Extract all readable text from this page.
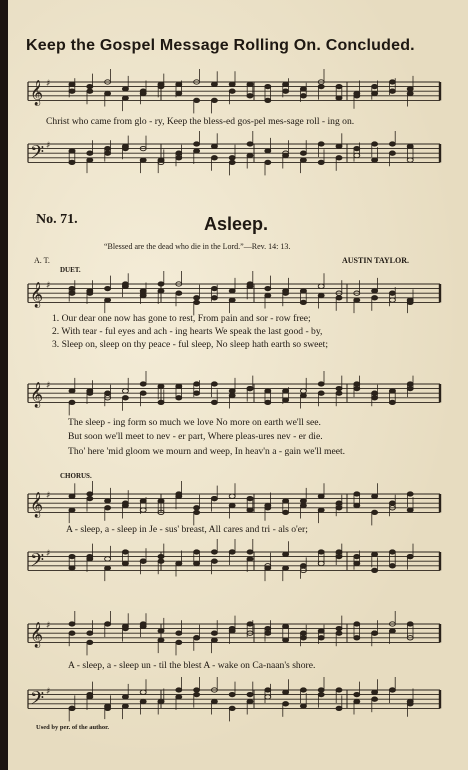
Keep the Gospel Message Rolling On. Concluded.
𝄞 ♯
Christ who came from glo - ry, Keep the bless-ed gos-pel mes-sage roll - ing on.
𝄢 ♯
No. 71.	Asleep.
“Blessed are the dead who die in the Lord.”—Rev. 14: 13.
A. T.	AUSTIN TAYLOR.
DUET.
𝄞 ♯
1. Our dear one now has gone to rest, From pain and sor - row free;
2. With tear - ful eyes and ach - ing hearts We speak the last good - by,
3. Sleep on, sleep on thy peace - ful sleep, No sleep hath earth so sweet;
𝄞 ♯
The sleep - ing form so much we love No more on earth we'll see.
But soon we'll meet to nev - er part, Where pleas-ures nev - er die.
Tho' here 'mid gloom we mourn and weep, In heav'n a - gain we'll meet.
CHORUS.
𝄞 ♯
A - sleep, a - sleep in Je - sus' breast, All cares and tri - als o'er;
𝄢 ♯
𝄞 ♯
A - sleep, a - sleep un - til the blest A - wake on Ca-naan's shore.
𝄢 ♯
Used by per. of the author.
